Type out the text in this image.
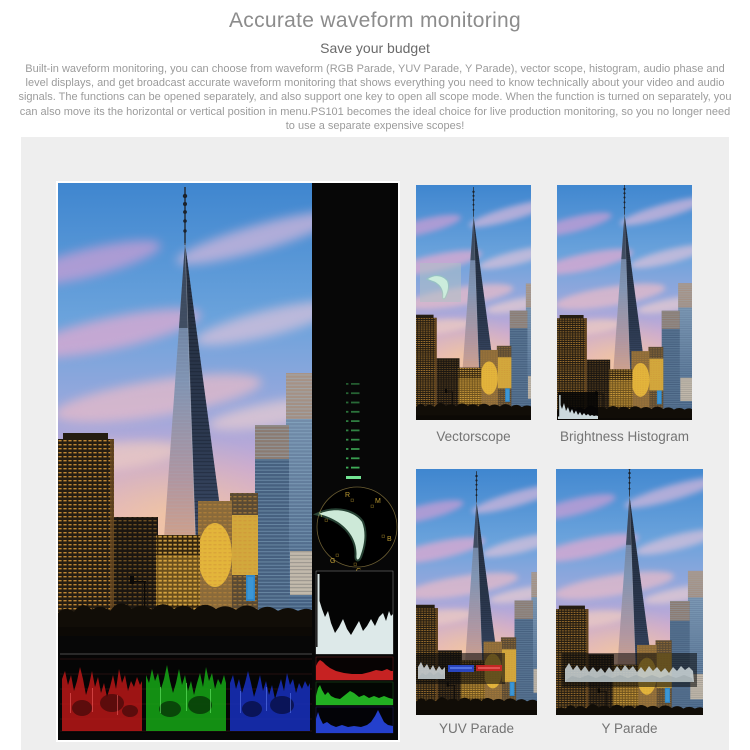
Accurate waveform monitoring
Save your budget

Built-in waveform monitoring, you can choose from waveform (RGB Parade, YUV Parade, Y Parade), vector scope, histogram, audio phase and level displays, and get broadcast accurate waveform monitoring that shows everything you need to know technically about your video and audio signals. The functions can be opened separately, and also support one key to open all scope mode. When the function is turned on separately, you can also move its the horizontal or vertical position in menu.PS101 becomes the ideal choice for live production monitoring, so you no longer need to use a separate expensive scopes!

R
M
Y
B
G
Vectorscope	Brightness Histogram
YUV Parade	Y Parade
